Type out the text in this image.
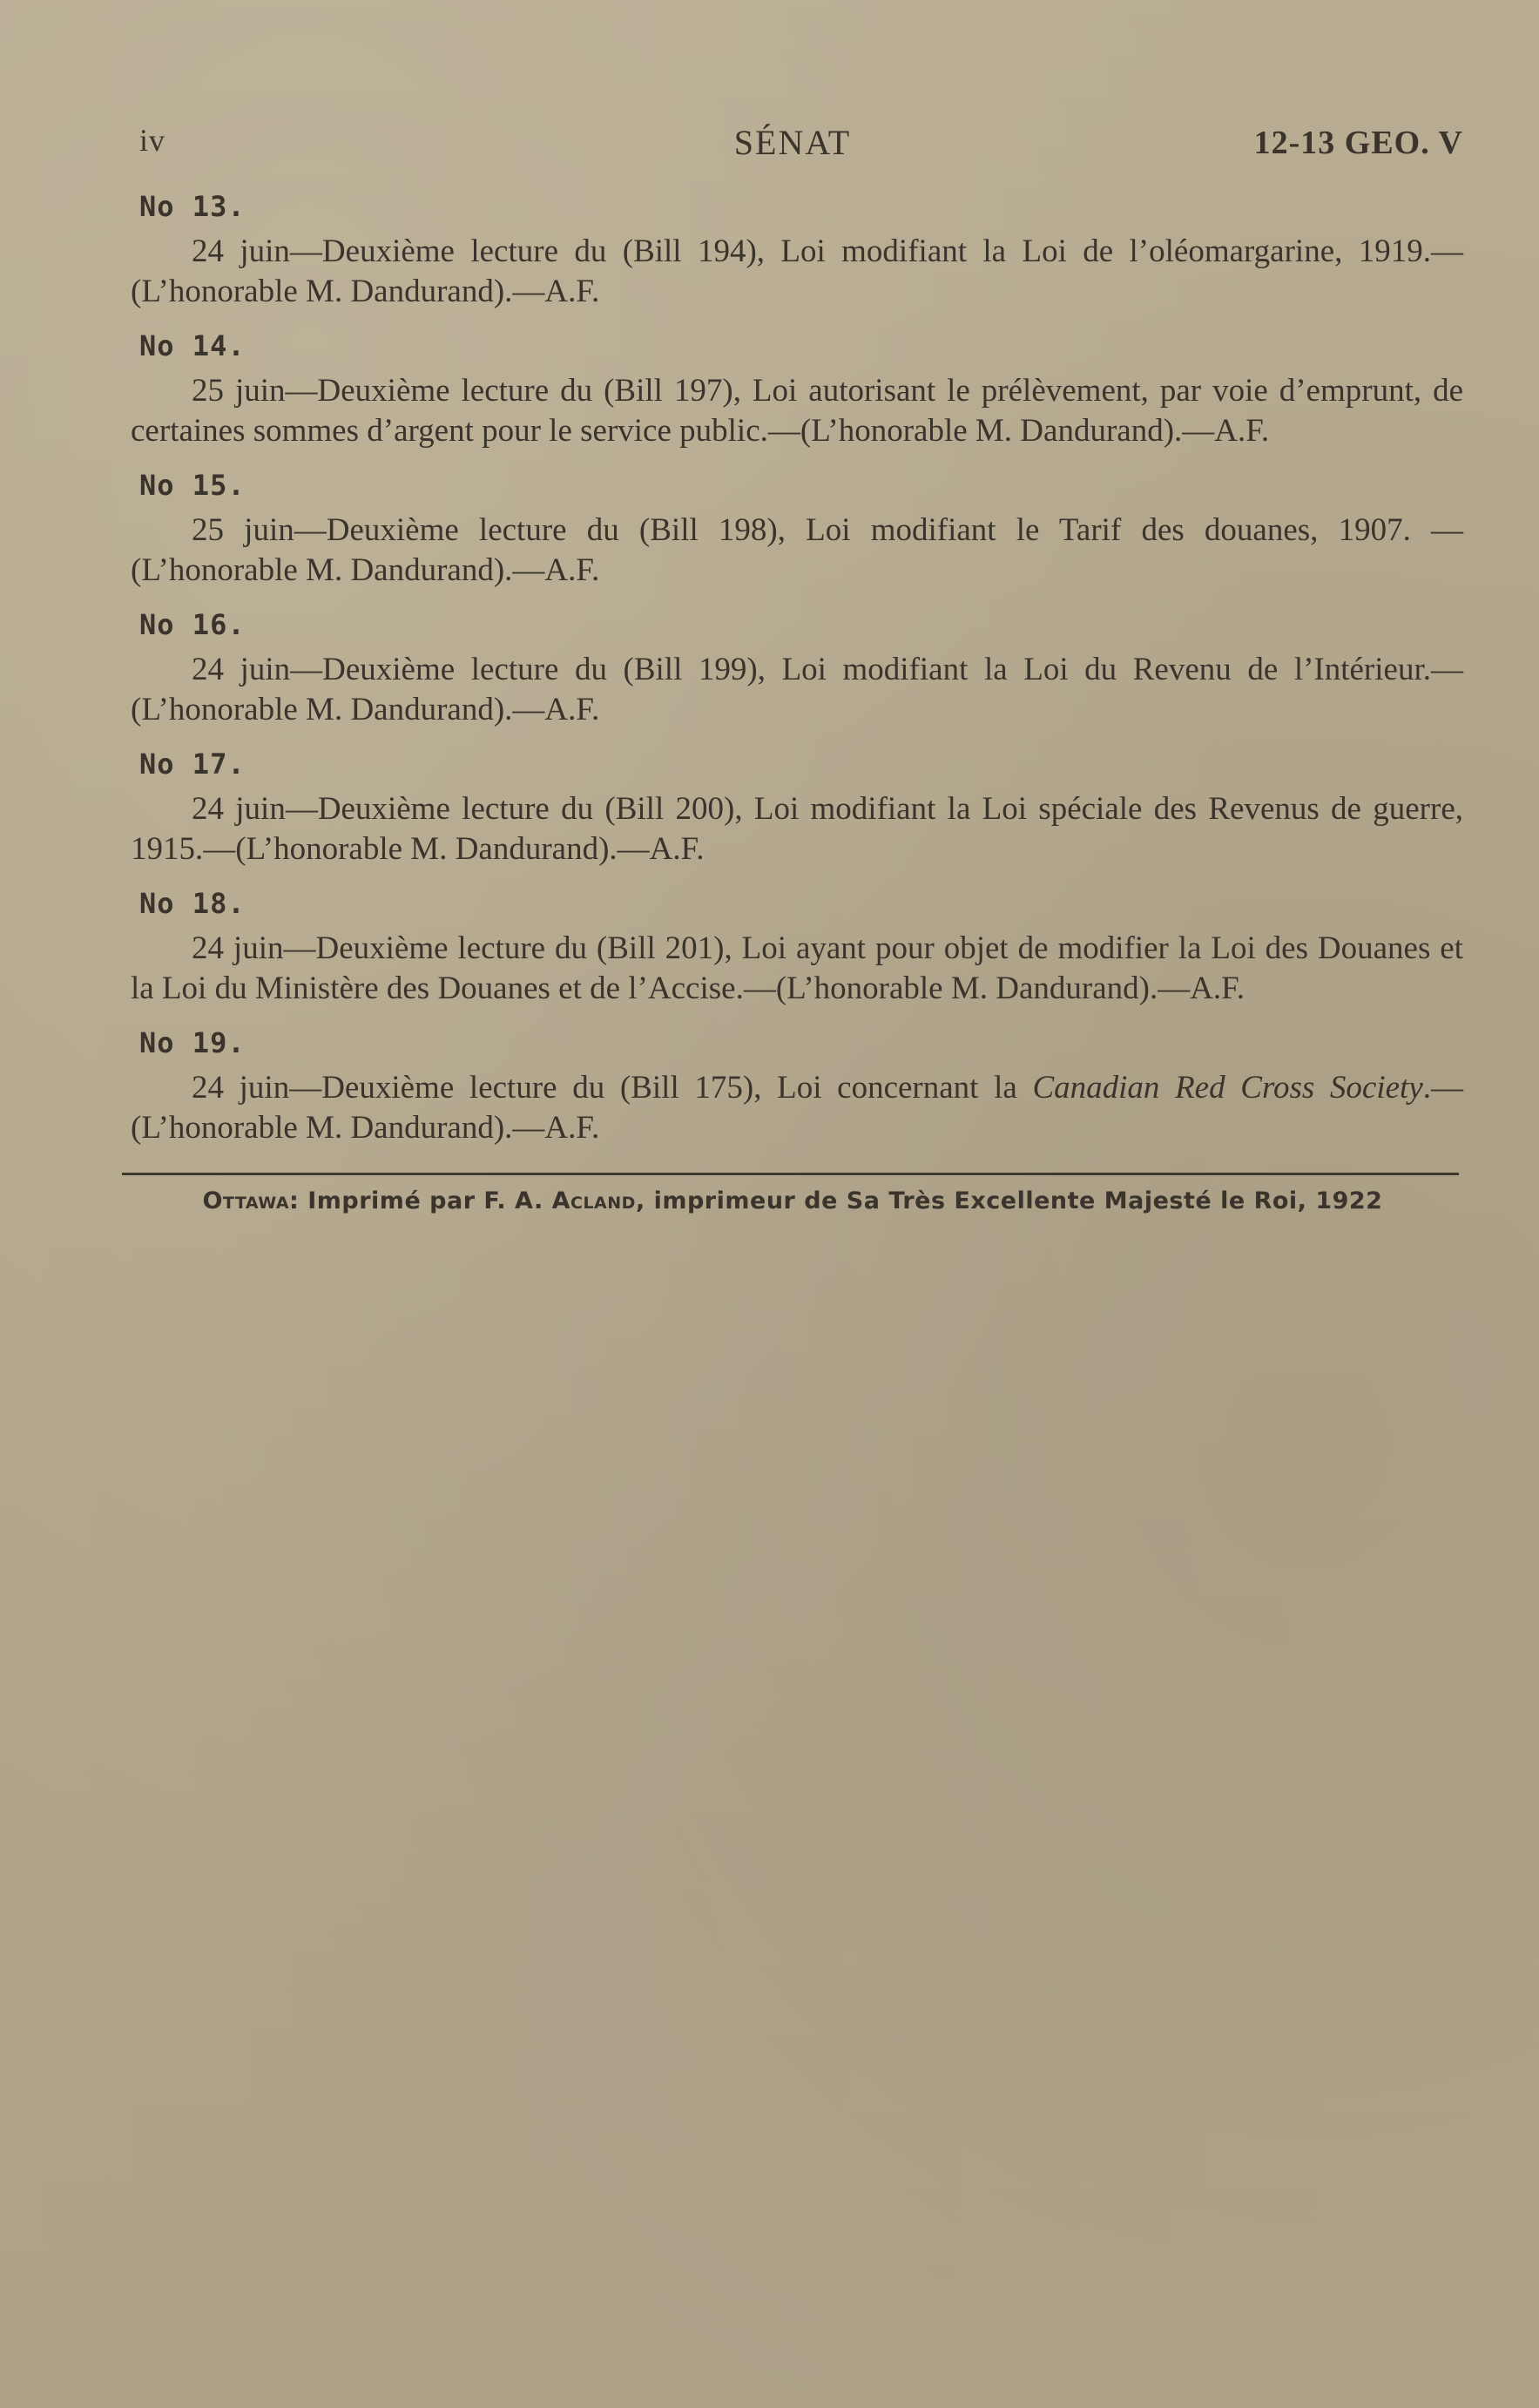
iv	SÉNAT	12-13 GEO. V
No 13.

24 juin—Deuxième lecture du (Bill 194), Loi modifiant la Loi de l’oléomargarine, 1919.—(L’honorable M. Dandurand).—A.F.

No 14.

25 juin—Deuxième lecture du (Bill 197), Loi autorisant le prélèvement, par voie d’emprunt, de certaines sommes d’argent pour le service public.—(L’honorable M. Dandurand).—A.F.

No 15.

25 juin—Deuxième lecture du (Bill 198), Loi modifiant le Tarif des douanes, 1907. —(L’honorable M. Dandurand).—A.F.

No 16.

24 juin—Deuxième lecture du (Bill 199), Loi modifiant la Loi du Revenu de l’Intérieur.—(L’honorable M. Dandurand).—A.F.

No 17.

24 juin—Deuxième lecture du (Bill 200), Loi modifiant la Loi spéciale des Revenus de guerre, 1915.—(L’honorable M. Dandurand).—A.F.

No 18.

24 juin—Deuxième lecture du (Bill 201), Loi ayant pour objet de modifier la Loi des Douanes et la Loi du Ministère des Douanes et de l’Accise.—(L’honorable M. Dandurand).—A.F.

No 19.

24 juin—Deuxième lecture du (Bill 175), Loi concernant la Canadian Red Cross Society.—(L’honorable M. Dandurand).—A.F.

Ottawa: Imprimé par F. A. Acland, imprimeur de Sa Très Excellente Majesté le Roi, 1922
